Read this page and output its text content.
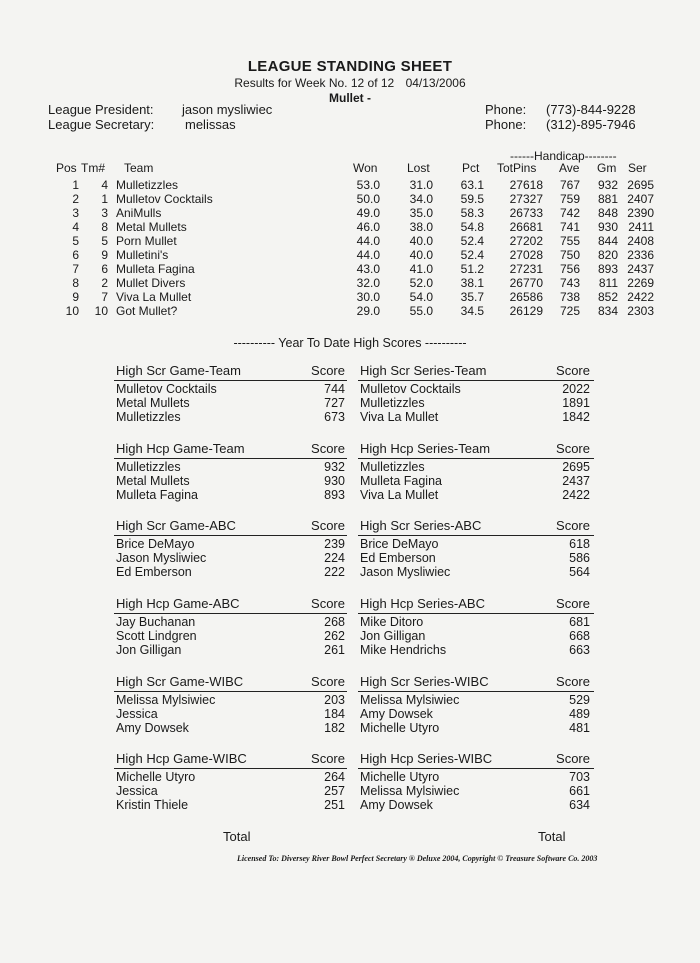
LEAGUE STANDING SHEET
Results for Week No. 12 of 12 04/13/2006
Mullet -
League President: jason mysliwiec
League Secretary: melissas
Phone: (773)-844-9228
Phone: (312)-895-7946
------Handicap--------
Pos Tm# Team	Won Lost	Pct TotPins Ave Gm Ser
1 4 Mulletizzles	53.0 31.0 63.1 27618 767 932 2695
2 1 Mulletov Cocktails	50.0 34.0 59.5 27327 759 881 2407
3 3 AniMulls	49.0 35.0 58.3 26733 742 848 2390
4 8 Metal Mullets	46.0 38.0 54.8 26681 741 930 2411
5 5 Porn Mullet	44.0 40.0 52.4 27202 755 844 2408
6 9 Mulletini's	44.0 40.0 52.4 27028 750 820 2336
7 6 Mulleta Fagina	43.0 41.0 51.2 27231 756 893 2437
8 2 Mullet Divers	32.0 52.0 38.1 26770 743 811 2269
9 7 Viva La Mullet	30.0 54.0 35.7 26586 738 852 2422
10 10 Got Mullet?	29.0 55.0 34.5 26129 725 834 2303
---------- Year To Date High Scores ----------
High Scr Game-Team	Score
Mulletov Cocktails	744
Metal Mullets	727
Mulletizzles	673
High Scr Series-Team	Score
Mulletov Cocktails	2022
Mulletizzles	1891
Viva La Mullet	1842
High Hcp Game-Team	Score
Mulletizzles	932
Metal Mullets	930
Mulleta Fagina	893
High Hcp Series-Team	Score
Mulletizzles	2695
Mulleta Fagina	2437
Viva La Mullet	2422
High Scr Game-ABC	Score
Brice DeMayo	239
Jason Mysliwiec	224
Ed Emberson	222
High Scr Series-ABC	Score
Brice DeMayo	618
Ed Emberson	586
Jason Mysliwiec	564
High Hcp Game-ABC	Score
Jay Buchanan	268
Scott Lindgren	262
Jon Gilligan	261
High Hcp Series-ABC	Score
Mike Ditoro	681
Jon Gilligan	668
Mike Hendrichs	663
High Scr Game-WIBC	Score
Melissa Mylsiwiec	203
Jessica	184
Amy Dowsek	182
High Scr Series-WIBC	Score
Melissa Mylsiwiec	529
Amy Dowsek	489
Michelle Utyro	481
High Hcp Game-WIBC	Score
Michelle Utyro	264
Jessica	257
Kristin Thiele	251
High Hcp Series-WIBC	Score
Michelle Utyro	703
Melissa Mylsiwiec	661
Amy Dowsek	634
Total	Total
Licensed To: Diversey River Bowl Perfect Secretary ® Deluxe 2004, Copyright © Treasure Software Co. 2003
